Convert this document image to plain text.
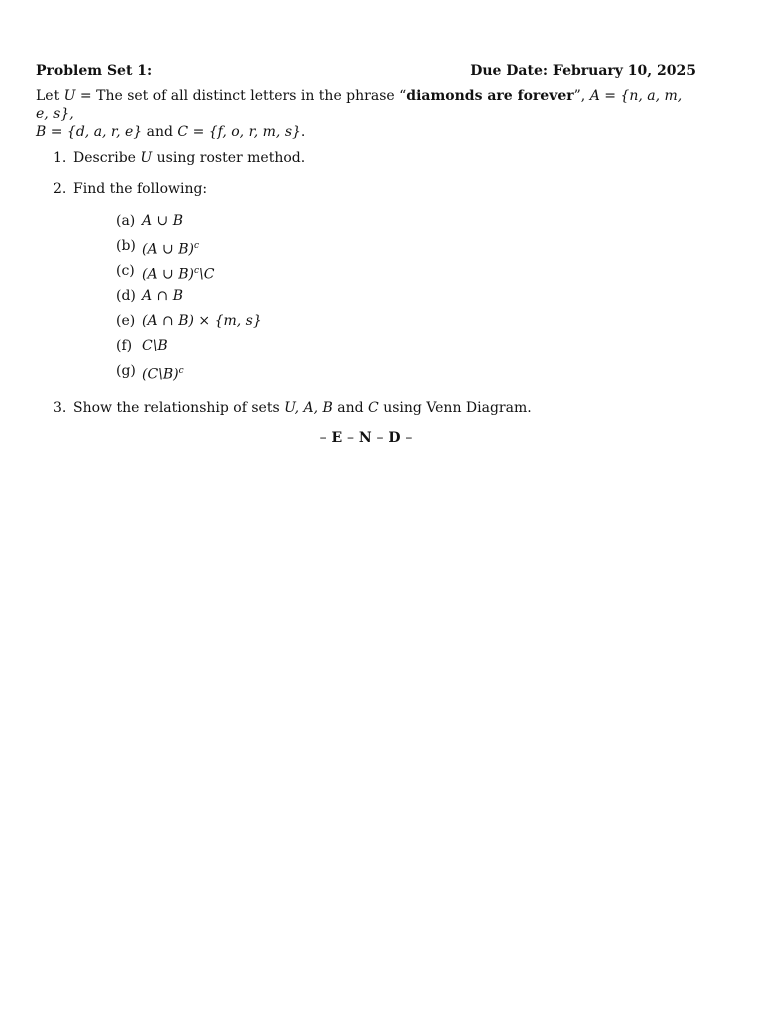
Problem Set 1:	Due Date: February 10, 2025
Let U = The set of all distinct letters in the phrase “diamonds are forever”, A = {n, a, m, e, s},
B = {d, a, r, e} and C = {f, o, r, m, s}.
1. Describe U using roster method.
2. Find the following:
(a) A ∪ B
(b) (A ∪ B)$^c$
(c) (A ∪ B)$^c$\C
(d) A ∩ B
(e) (A ∩ B) × {m, s}
(f) C\B
(g) (C\B)$^c$
3. Show the relationship of sets U, A, B and C using Venn Diagram.
– E – N – D –
